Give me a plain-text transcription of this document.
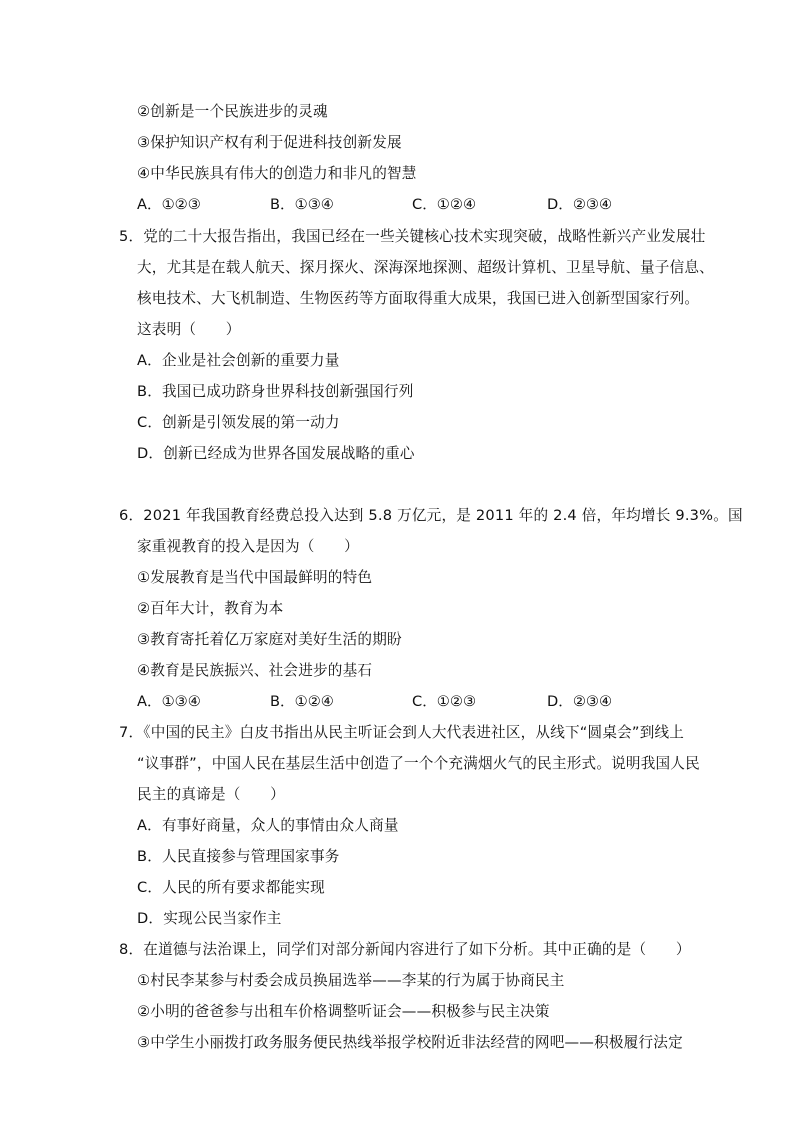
②创新是一个民族进步的灵魂
③保护知识产权有利于促进科技创新发展
④中华民族具有伟大的创造力和非凡的智慧
A．①②③	B．①③④	C．①②④	D．②③④
5．党的二十大报告指出，我国已经在一些关键核心技术实现突破，战略性新兴产业发展壮
大，尤其是在载人航天、探月探火、深海深地探测、超级计算机、卫星导航、量子信息、
核电技术、大飞机制造、生物医药等方面取得重大成果，我国已进入创新型国家行列。
这表明（　　）
A．企业是社会创新的重要力量
B．我国已成功跻身世界科技创新强国行列
C．创新是引领发展的第一动力
D．创新已经成为世界各国发展战略的重心
6．2021 年我国教育经费总投入达到 5.8 万亿元，是 2011 年的 2.4 倍，年均增长 9.3%。国
家重视教育的投入是因为（　　）
①发展教育是当代中国最鲜明的特色
②百年大计，教育为本
③教育寄托着亿万家庭对美好生活的期盼
④教育是民族振兴、社会进步的基石
A．①③④	B．①②④	C．①②③	D．②③④
7．《中国的民主》白皮书指出从民主听证会到人大代表进社区，从线下“圆桌会”到线上
“议事群”，中国人民在基层生活中创造了一个个充满烟火气的民主形式。说明我国人民
民主的真谛是（　　）
A．有事好商量，众人的事情由众人商量
B．人民直接参与管理国家事务
C．人民的所有要求都能实现
D．实现公民当家作主
8．在道德与法治课上，同学们对部分新闻内容进行了如下分析。其中正确的是（　　）
①村民李某参与村委会成员换届选举——李某的行为属于协商民主
②小明的爸爸参与出租车价格调整听证会——积极参与民主决策
③中学生小丽拨打政务服务便民热线举报学校附近非法经营的网吧——积极履行法定
